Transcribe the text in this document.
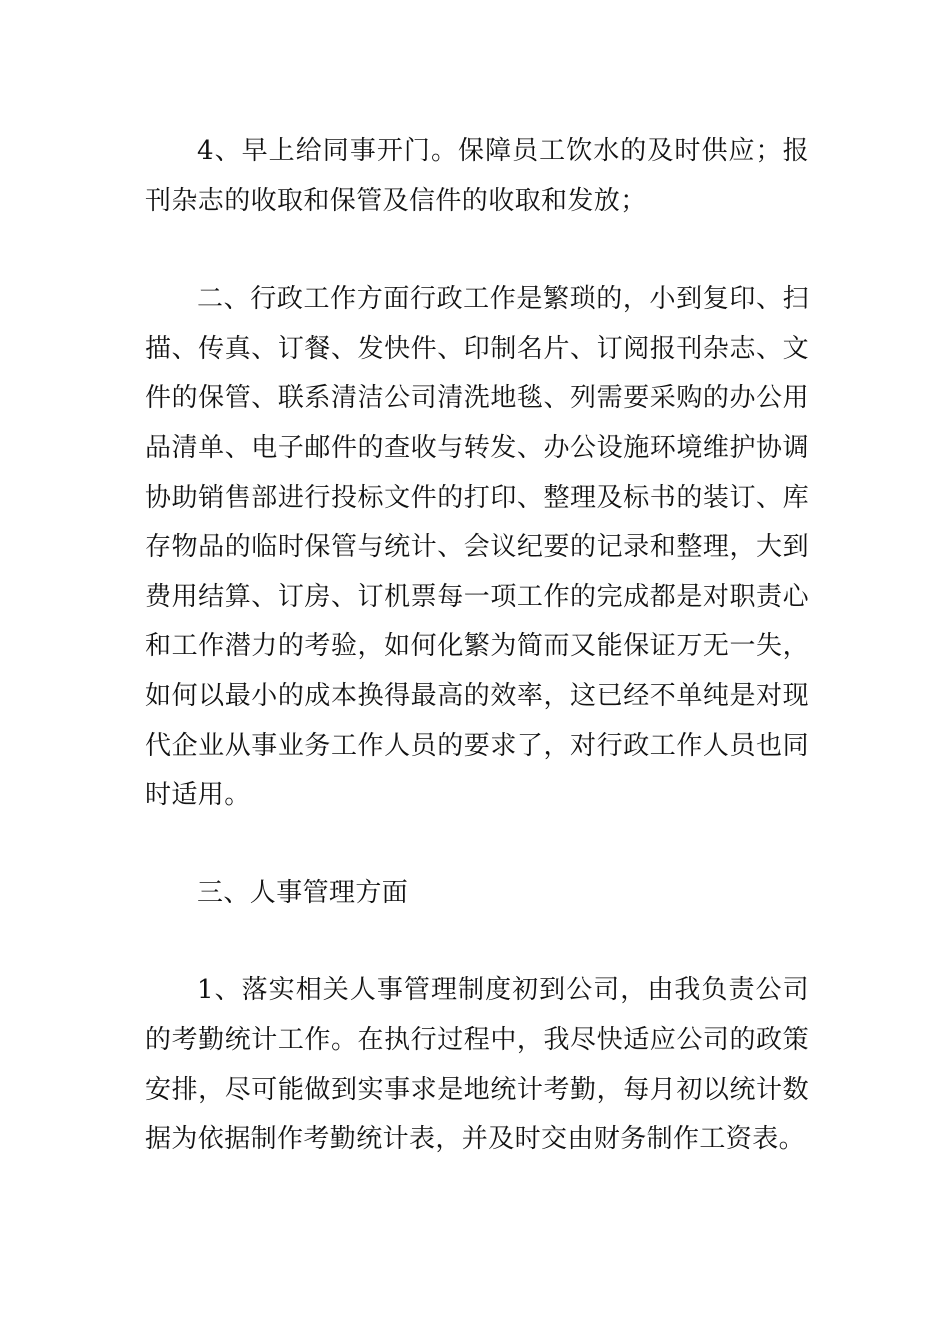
4、早上给同事开门。保障员工饮水的及时供应；报刊杂志的收取和保管及信件的收取和发放；

二、行政工作方面行政工作是繁琐的，小到复印、扫描、传真、订餐、发快件、印制名片、订阅报刊杂志、文件的保管、联系清洁公司清洗地毯、列需要采购的办公用品清单、电子邮件的查收与转发、办公设施环境维护协调协助销售部进行投标文件的打印、整理及标书的装订、库存物品的临时保管与统计、会议纪要的记录和整理，大到费用结算、订房、订机票每一项工作的完成都是对职责心和工作潜力的考验，如何化繁为简而又能保证万无一失，如何以最小的成本换得最高的效率，这已经不单纯是对现代企业从事业务工作人员的要求了，对行政工作人员也同时适用。

三、人事管理方面

1、落实相关人事管理制度初到公司，由我负责公司的考勤统计工作。在执行过程中，我尽快适应公司的政策安排，尽可能做到实事求是地统计考勤，每月初以统计数据为依据制作考勤统计表，并及时交由财务制作工资表。
